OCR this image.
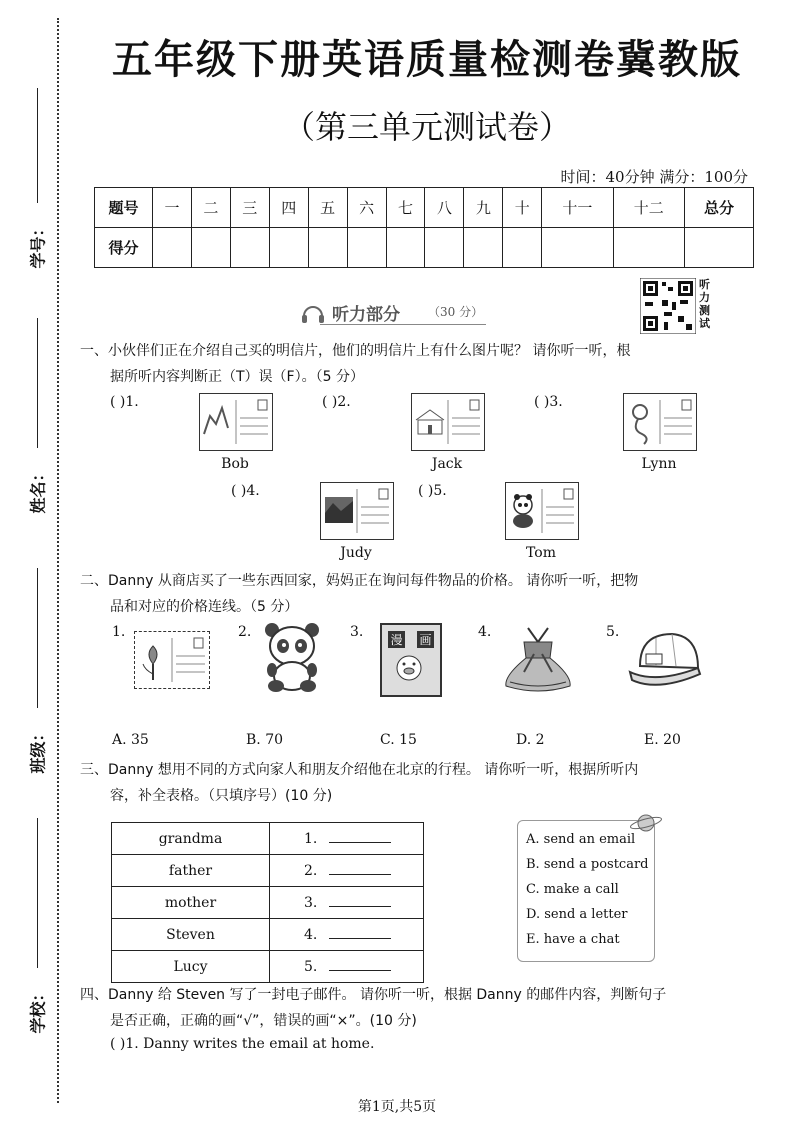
学号：
姓名：
班级：
学校：
五年级下册英语质量检测卷冀教版
（第三单元测试卷）
时间：40分钟 满分：100分
题号	一	二	三	四	五	六	七	八	九	十	十一	十二	总分
得分													
听力部分 （30 分）
听力测试
一、小伙伴们正在介绍自己买的明信片，他们的明信片上有什么图片呢？ 请你听一听，根
据所听内容判断正（T）误（F）。（5 分）
( )1.
Bob
( )2.
Jack
( )3.
Lynn
( )4.
Judy
( )5.
Tom
二、Danny 从商店买了一些东西回家，妈妈正在询问每件物品的价格。 请你听一听，把物
品和对应的价格连线。（5 分）
1.	2.	3. 漫 画	4.	5.
A. 35	B. 70	C. 15	D. 2	E. 20
三、Danny 想用不同的方式向家人和朋友介绍他在北京的行程。 请你听一听，根据所听内
容，补全表格。（只填序号）(10 分)
grandma	1.
father	2.
mother	3.
Steven	4.
Lucy	5.
A. send an email
B. send a postcard
C. make a call
D. send a letter
E. have a chat
四、Danny 给 Steven 写了一封电子邮件。 请你听一听，根据 Danny 的邮件内容，判断句子
是否正确，正确的画“√”，错误的画“×”。(10 分)
( )1. Danny writes the email at home.
第1页,共5页
